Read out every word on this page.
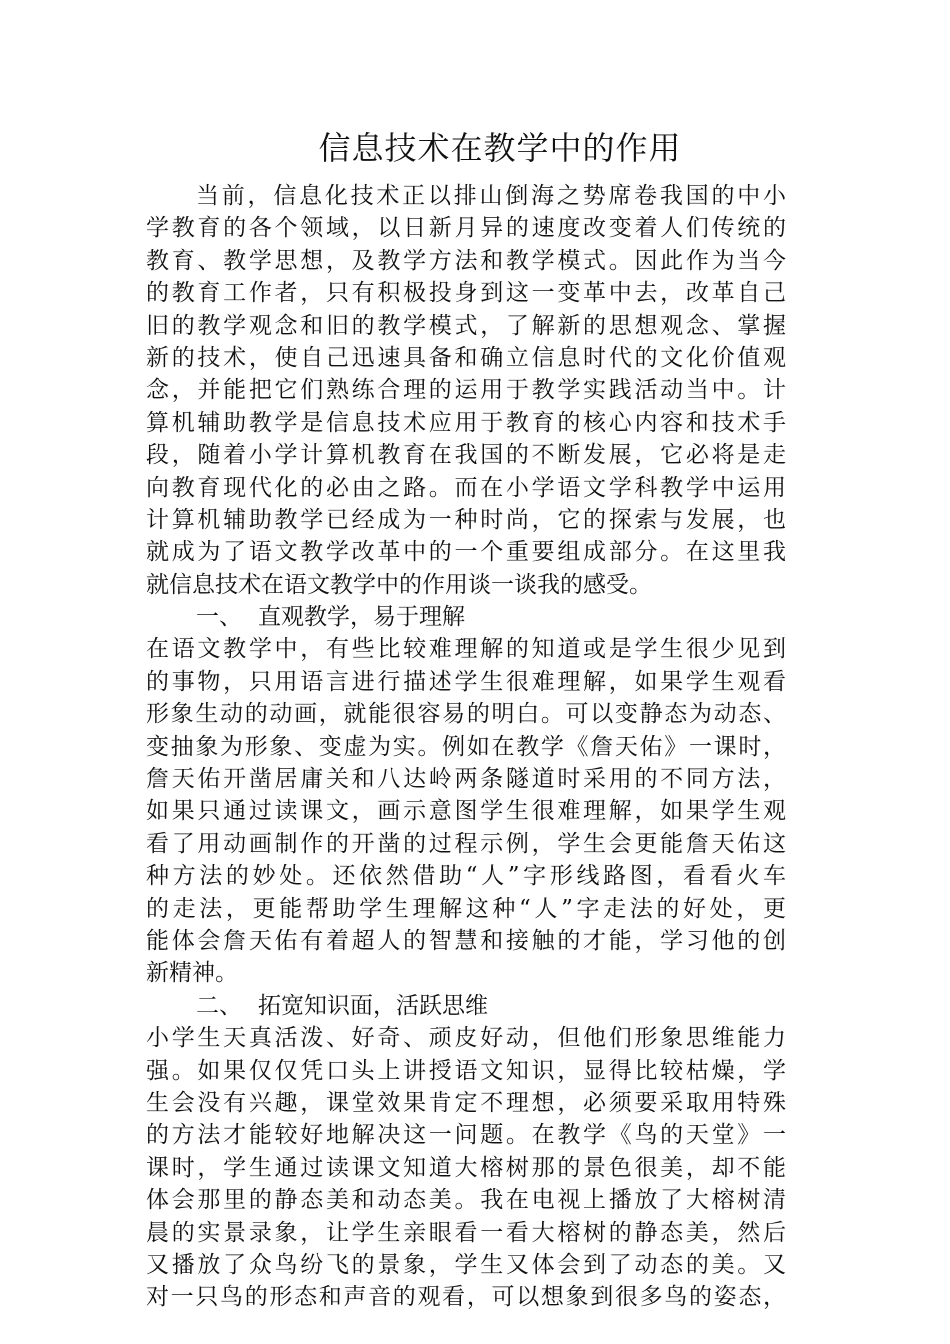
信息技术在教学中的作用
当前，信息化技术正以排山倒海之势席卷我国的中小
学教育的各个领域，以日新月异的速度改变着人们传统的
教育、教学思想，及教学方法和教学模式。因此作为当今
的教育工作者，只有积极投身到这一变革中去，改革自己
旧的教学观念和旧的教学模式，了解新的思想观念、掌握
新的技术，使自己迅速具备和确立信息时代的文化价值观
念，并能把它们熟练合理的运用于教学实践活动当中。计
算机辅助教学是信息技术应用于教育的核心内容和技术手
段，随着小学计算机教育在我国的不断发展，它必将是走
向教育现代化的必由之路。而在小学语文学科教学中运用
计算机辅助教学已经成为一种时尚，它的探索与发展，也
就成为了语文教学改革中的一个重要组成部分。在这里我
就信息技术在语文教学中的作用谈一谈我的感受。
一、 直观教学，易于理解
在语文教学中，有些比较难理解的知道或是学生很少见到
的事物，只用语言进行描述学生很难理解，如果学生观看
形象生动的动画，就能很容易的明白。可以变静态为动态、
变抽象为形象、变虚为实。例如在教学《詹天佑》一课时，
詹天佑开凿居庸关和八达岭两条隧道时采用的不同方法，
如果只通过读课文，画示意图学生很难理解，如果学生观
看了用动画制作的开凿的过程示例，学生会更能詹天佑这
种方法的妙处。还依然借助“人”字形线路图，看看火车
的走法，更能帮助学生理解这种“人”字走法的好处，更
能体会詹天佑有着超人的智慧和接触的才能，学习他的创
新精神。
二、 拓宽知识面，活跃思维
小学生天真活泼、好奇、顽皮好动，但他们形象思维能力
强。如果仅仅凭口头上讲授语文知识，显得比较枯燥，学
生会没有兴趣，课堂效果肯定不理想，必须要采取用特殊
的方法才能较好地解决这一问题。在教学《鸟的天堂》一
课时，学生通过读课文知道大榕树那的景色很美，却不能
体会那里的静态美和动态美。我在电视上播放了大榕树清
晨的实景录象，让学生亲眼看一看大榕树的静态美，然后
又播放了众鸟纷飞的景象，学生又体会到了动态的美。又
对一只鸟的形态和声音的观看，可以想象到很多鸟的姿态，
